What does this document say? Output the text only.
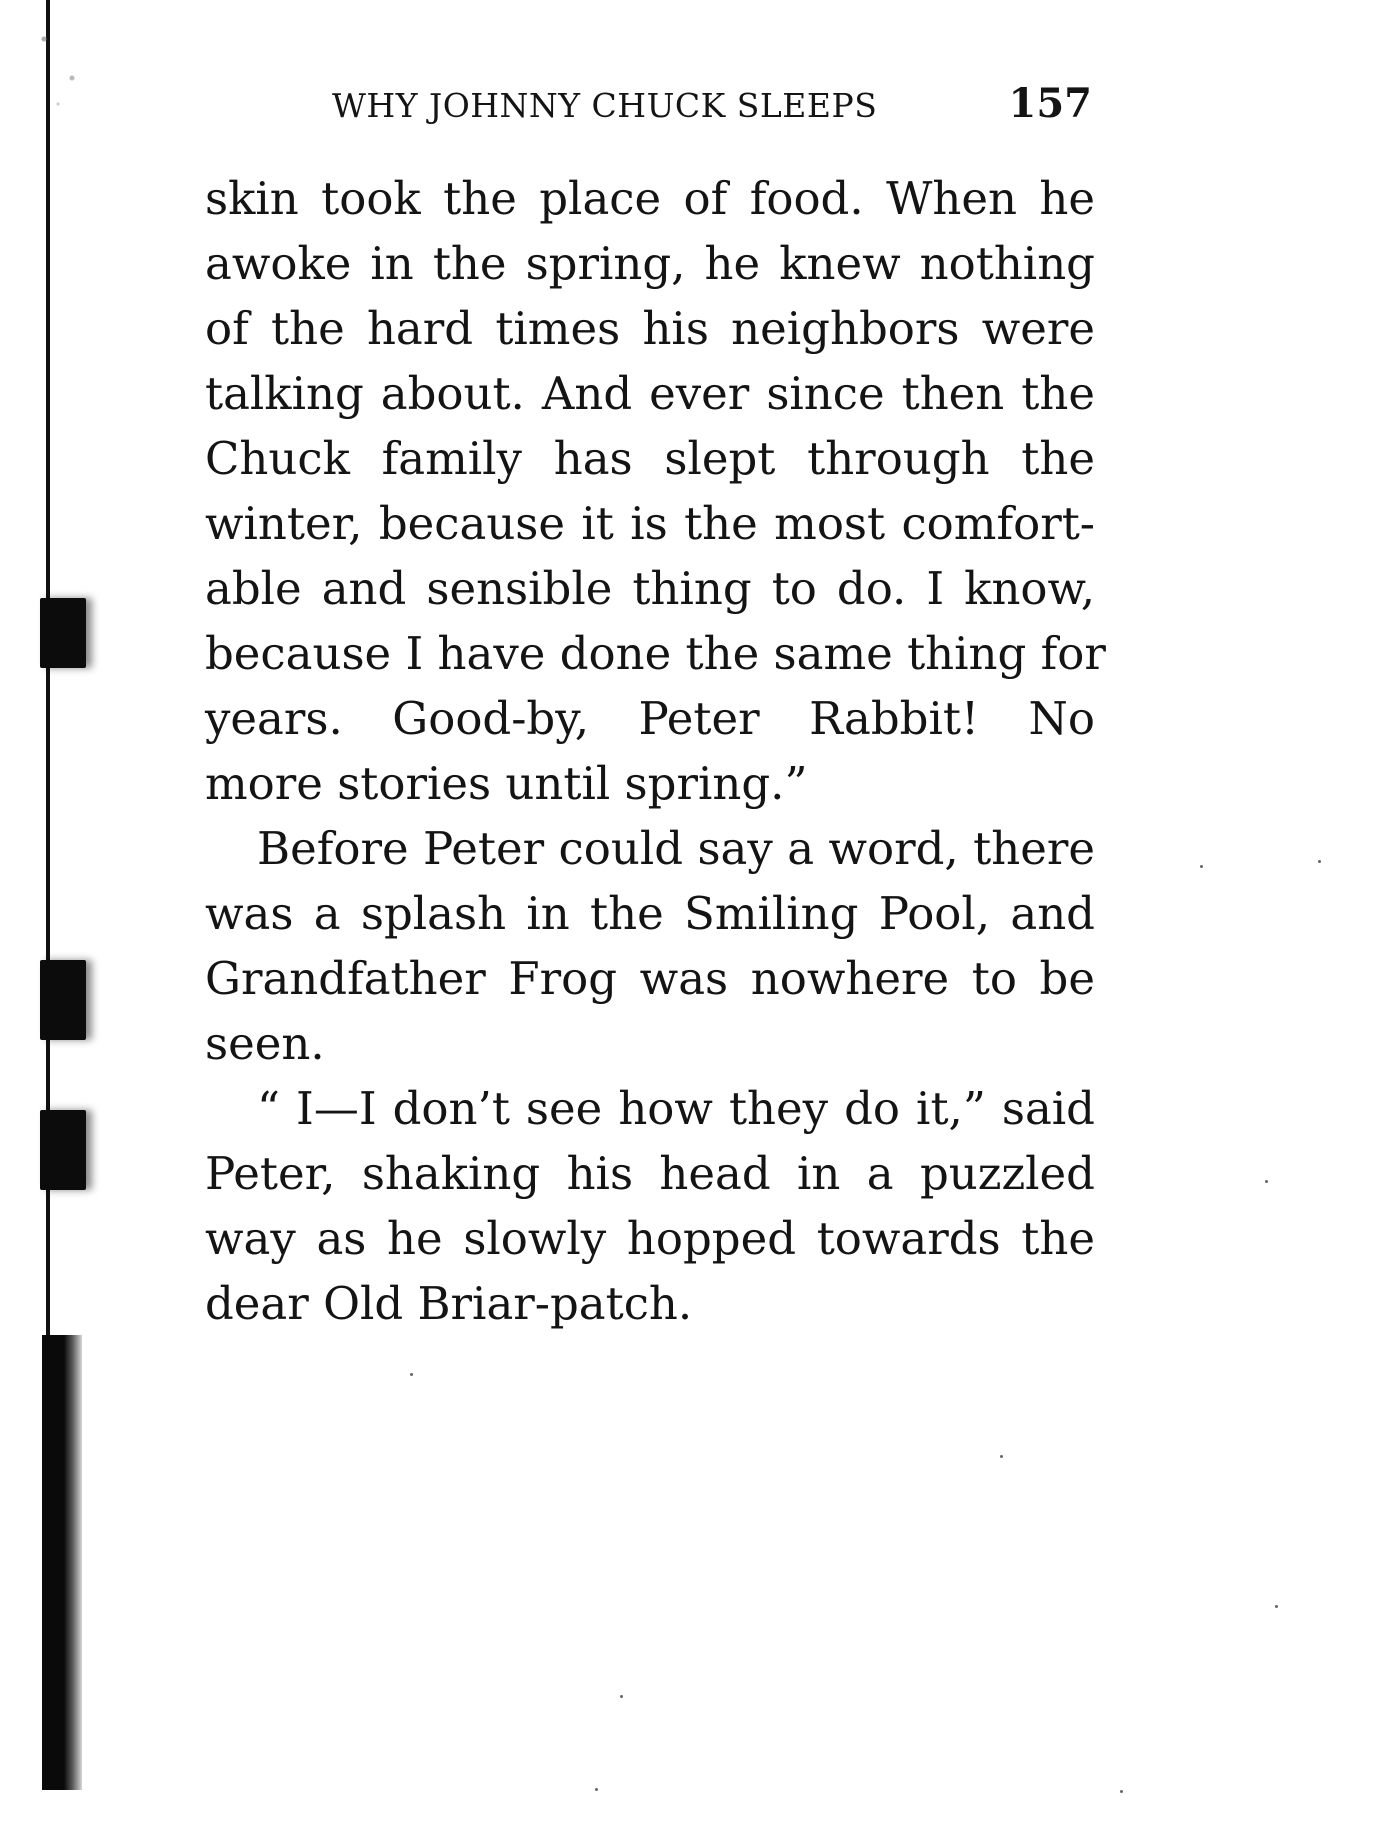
WHY JOHNNY CHUCK SLEEPS	157
skin took the place of food. When he
awoke in the spring, he knew nothing
of the hard times his neighbors were
talking about. And ever since then the
Chuck family has slept through the
winter, because it is the most comfort-
able and sensible thing to do. I know,
because I have done the same thing for
years. Good-by, Peter Rabbit! No
more stories until spring.”
Before Peter could say a word, there
was a splash in the Smiling Pool, and
Grandfather Frog was nowhere to be
seen.
“ I—I don’t see how they do it,” said
Peter, shaking his head in a puzzled
way as he slowly hopped towards the
dear Old Briar-patch.
